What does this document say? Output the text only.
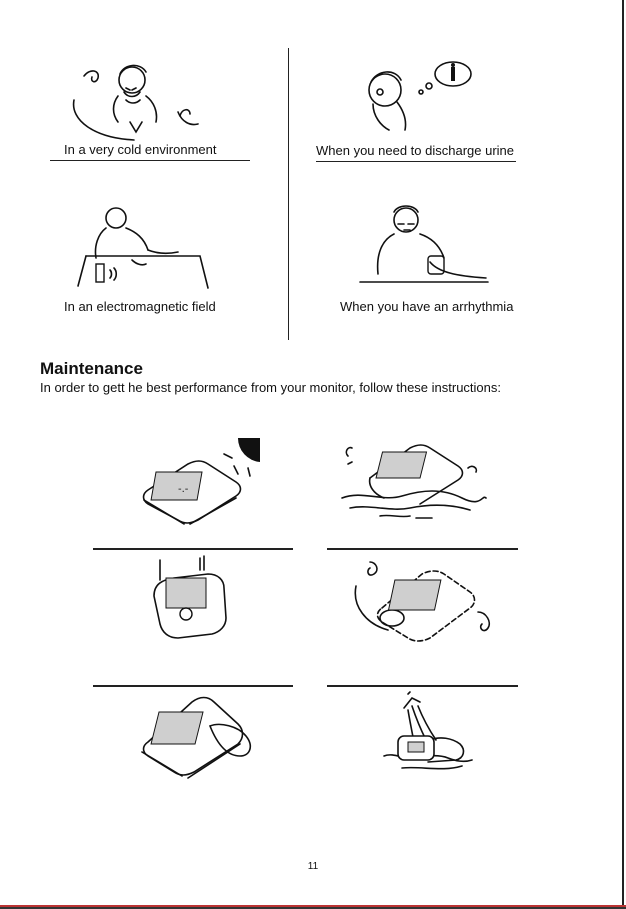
In a very cold environment	When you need to discharge urine
In an electromagnetic field	When you have an arrhythmia
Maintenance
In order to gett he best performance from your monitor, follow these instructions:
-.-
11
